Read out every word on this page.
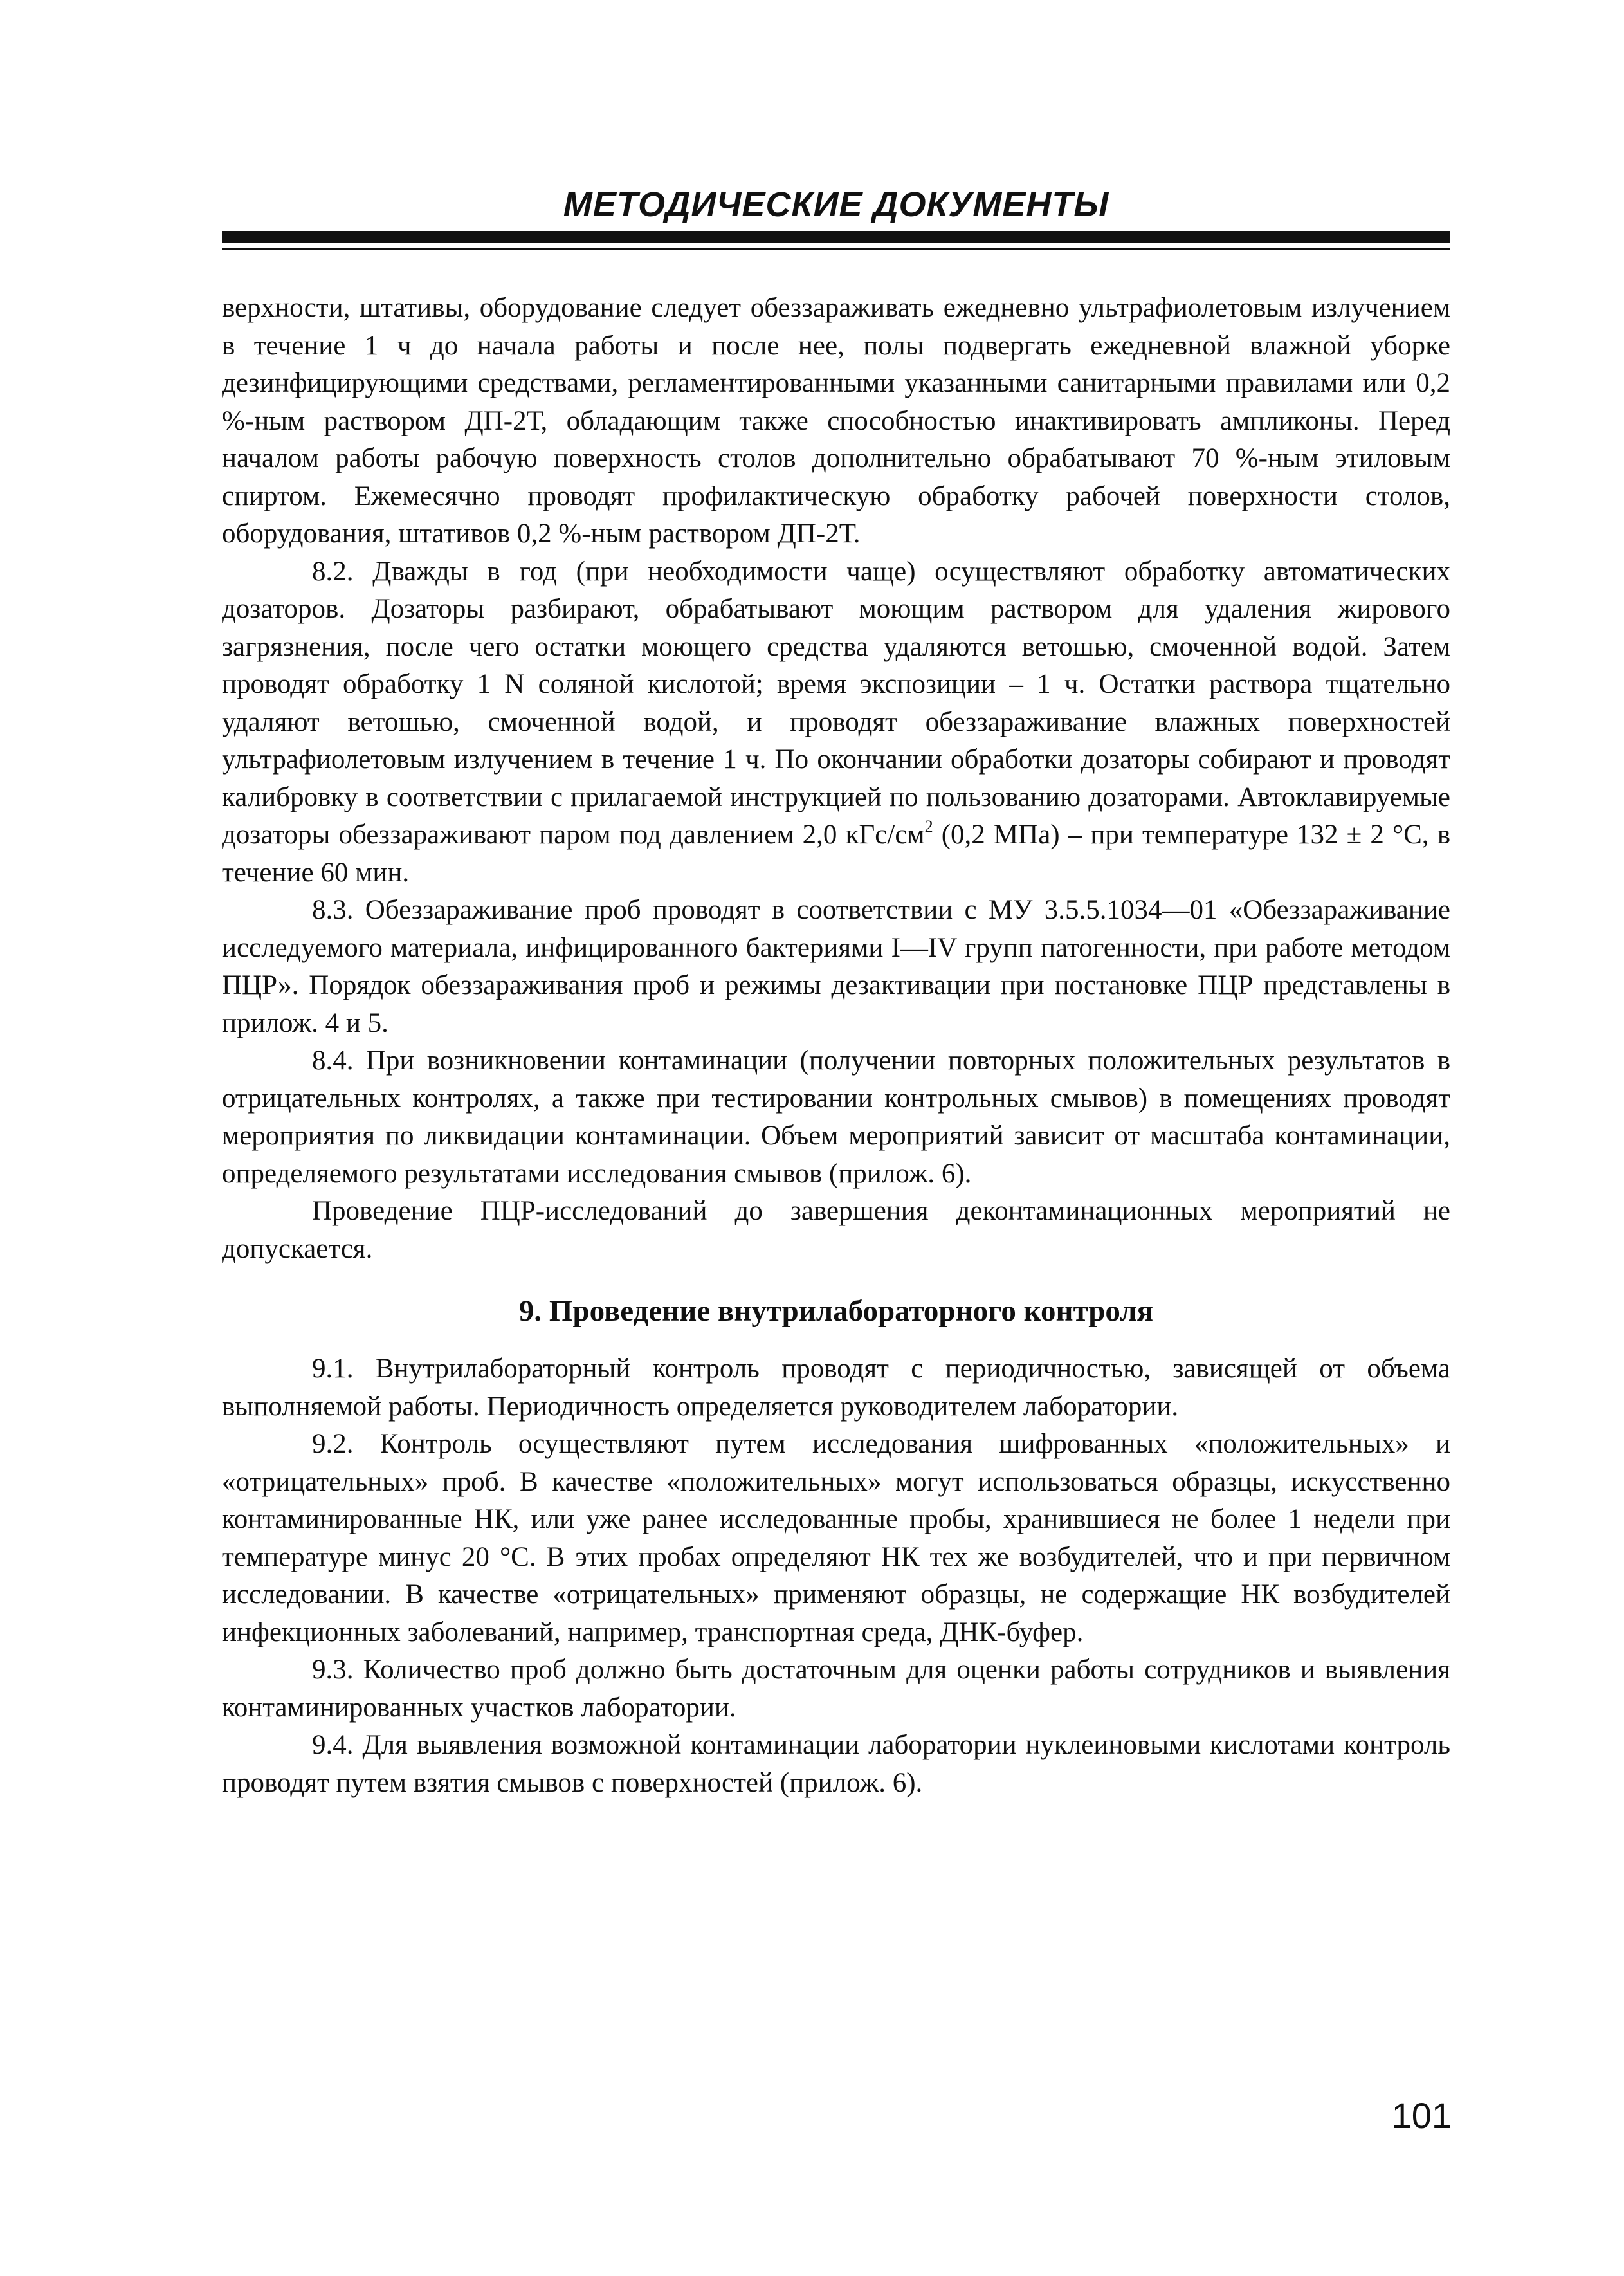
МЕТОДИЧЕСКИЕ ДОКУМЕНТЫ

верхности, штативы, оборудование следует обеззараживать ежедневно ультрафиолетовым излучением в течение 1 ч до начала работы и после нее, полы подвергать ежедневной влажной уборке дезинфицирующими средствами, регламентированными указанными санитарными правилами или 0,2 %-ным раствором ДП-2Т, обладающим также способностью инактивировать ампликоны. Перед началом работы рабочую поверхность столов дополнительно обрабатывают 70 %-ным этиловым спиртом. Ежемесячно проводят профилактическую обработку рабочей поверхности столов, оборудования, штативов 0,2 %-ным раствором ДП-2Т.

8.2. Дважды в год (при необходимости чаще) осуществляют обработку автоматических дозаторов. Дозаторы разбирают, обрабатывают моющим раствором для удаления жирового загрязнения, после чего остатки моющего средства удаляются ветошью, смоченной водой. Затем проводят обработку 1 N соляной кислотой; время экспозиции – 1 ч. Остатки раствора тщательно удаляют ветошью, смоченной водой, и проводят обеззараживание влажных поверхностей ультрафиолетовым излучением в течение 1 ч. По окончании обработки дозаторы собирают и проводят калибровку в соответствии с прилагаемой инструкцией по пользованию дозаторами. Автоклавируемые дозаторы обеззараживают паром под давлением 2,0 кГс/$см^2$ (0,2 МПа) – при температуре 132 ± 2 °С, в течение 60 мин.

8.3. Обеззараживание проб проводят в соответствии с МУ 3.5.5.1034—01 «Обеззараживание исследуемого материала, инфицированного бактериями I—IV групп патогенности, при работе методом ПЦР». Порядок обеззараживания проб и режимы дезактивации при постановке ПЦР представлены в прилож. 4 и 5.

8.4. При возникновении контаминации (получении повторных положительных результатов в отрицательных контролях, а также при тестировании контрольных смывов) в помещениях проводят мероприятия по ликвидации контаминации. Объем мероприятий зависит от масштаба контаминации, определяемого результатами исследования смывов (прилож. 6).

Проведение ПЦР-исследований до завершения деконтаминационных мероприятий не допускается.

9. Проведение внутрилабораторного контроля

9.1. Внутрилабораторный контроль проводят с периодичностью, зависящей от объема выполняемой работы. Периодичность определяется руководителем лаборатории.

9.2. Контроль осуществляют путем исследования шифрованных «положительных» и «отрицательных» проб. В качестве «положительных» могут использоваться образцы, искусственно контаминированные НК, или уже ранее исследованные пробы, хранившиеся не более 1 недели при температуре минус 20 °С. В этих пробах определяют НК тех же возбудителей, что и при первичном исследовании. В качестве «отрицательных» применяют образцы, не содержащие НК возбудителей инфекционных заболеваний, например, транспортная среда, ДНК-буфер.

9.3. Количество проб должно быть достаточным для оценки работы сотрудников и выявления контаминированных участков лаборатории.

9.4. Для выявления возможной контаминации лаборатории нуклеиновыми кислотами контроль проводят путем взятия смывов с поверхностей (прилож. 6).

101
